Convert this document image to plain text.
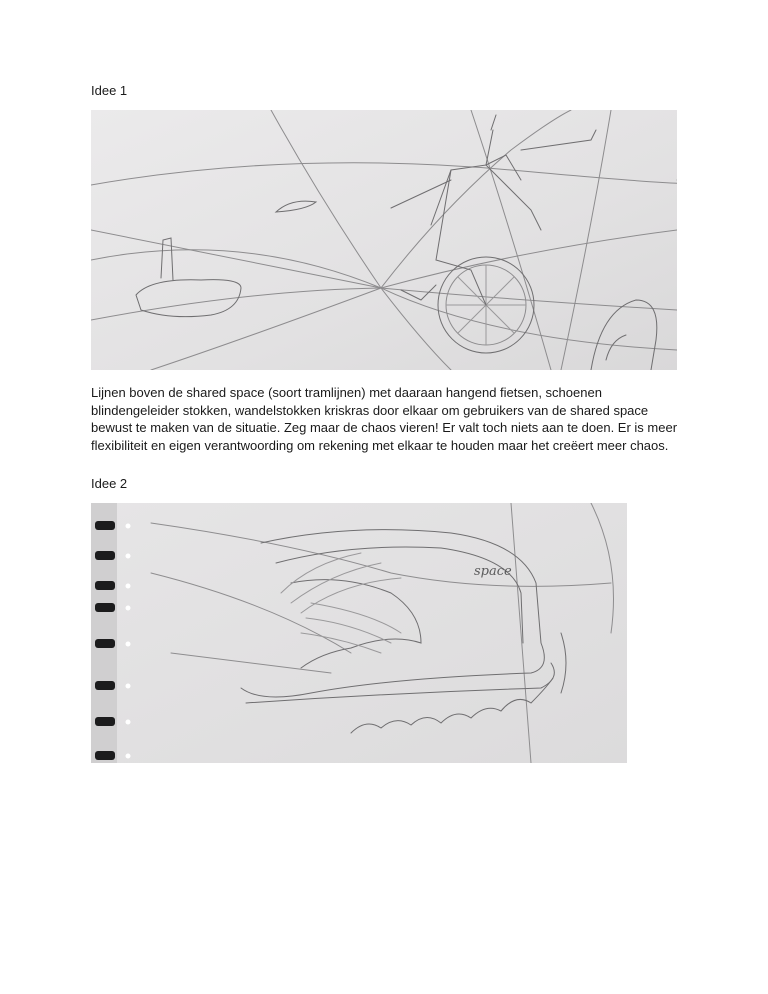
Idee 1

Lijnen boven de shared space (soort tramlijnen) met daaraan hangend fietsen, schoenen blindengeleider stokken, wandelstokken kriskras door elkaar om gebruikers van de shared space bewust te maken van de situatie. Zeg maar de chaos vieren! Er valt toch niets aan te doen. Er is meer flexibiliteit en eigen verantwoording om rekening met elkaar te houden maar het creëert meer chaos.

Idee 2
space
